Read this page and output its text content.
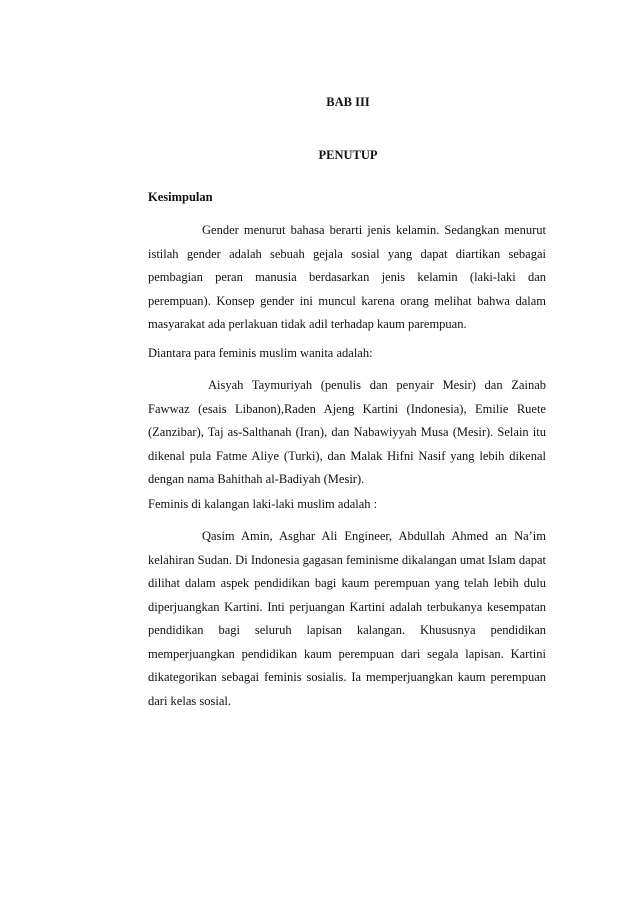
BAB III
PENUTUP
Kesimpulan

Gender menurut bahasa berarti jenis kelamin. Sedangkan menurut istilah gender adalah sebuah gejala sosial yang dapat diartikan sebagai pembagian peran manusia berdasarkan jenis kelamin (laki-laki dan perempuan). Konsep gender ini muncul karena orang melihat bahwa dalam masyarakat ada perlakuan tidak adil terhadap kaum parempuan.

Diantara para feminis muslim wanita adalah:

Aisyah Taymuriyah (penulis dan penyair Mesir) dan Zainab Fawwaz (esais Libanon),Raden Ajeng Kartini (Indonesia), Emilie Ruete (Zanzibar), Taj as-Salthanah (Iran), dan Nabawiyyah Musa (Mesir). Selain itu dikenal pula Fatme Aliye (Turki), dan Malak Hifni Nasif yang lebih dikenal dengan nama Bahithah al-Badiyah (Mesir).

Feminis di kalangan laki-laki muslim adalah :

Qasim Amin, Asghar Ali Engineer, Abdullah Ahmed an Na’im kelahiran Sudan. Di Indonesia gagasan feminisme dikalangan umat Islam dapat dilihat dalam aspek pendidikan bagi kaum perempuan yang telah lebih dulu diperjuangkan Kartini. Inti perjuangan Kartini adalah terbukanya kesempatan pendidikan bagi seluruh lapisan kalangan. Khususnya pendidikan memperjuangkan pendidikan kaum perempuan dari segala lapisan. Kartini dikategorikan sebagai feminis sosialis. Ia memperjuangkan kaum perempuan dari kelas sosial.
